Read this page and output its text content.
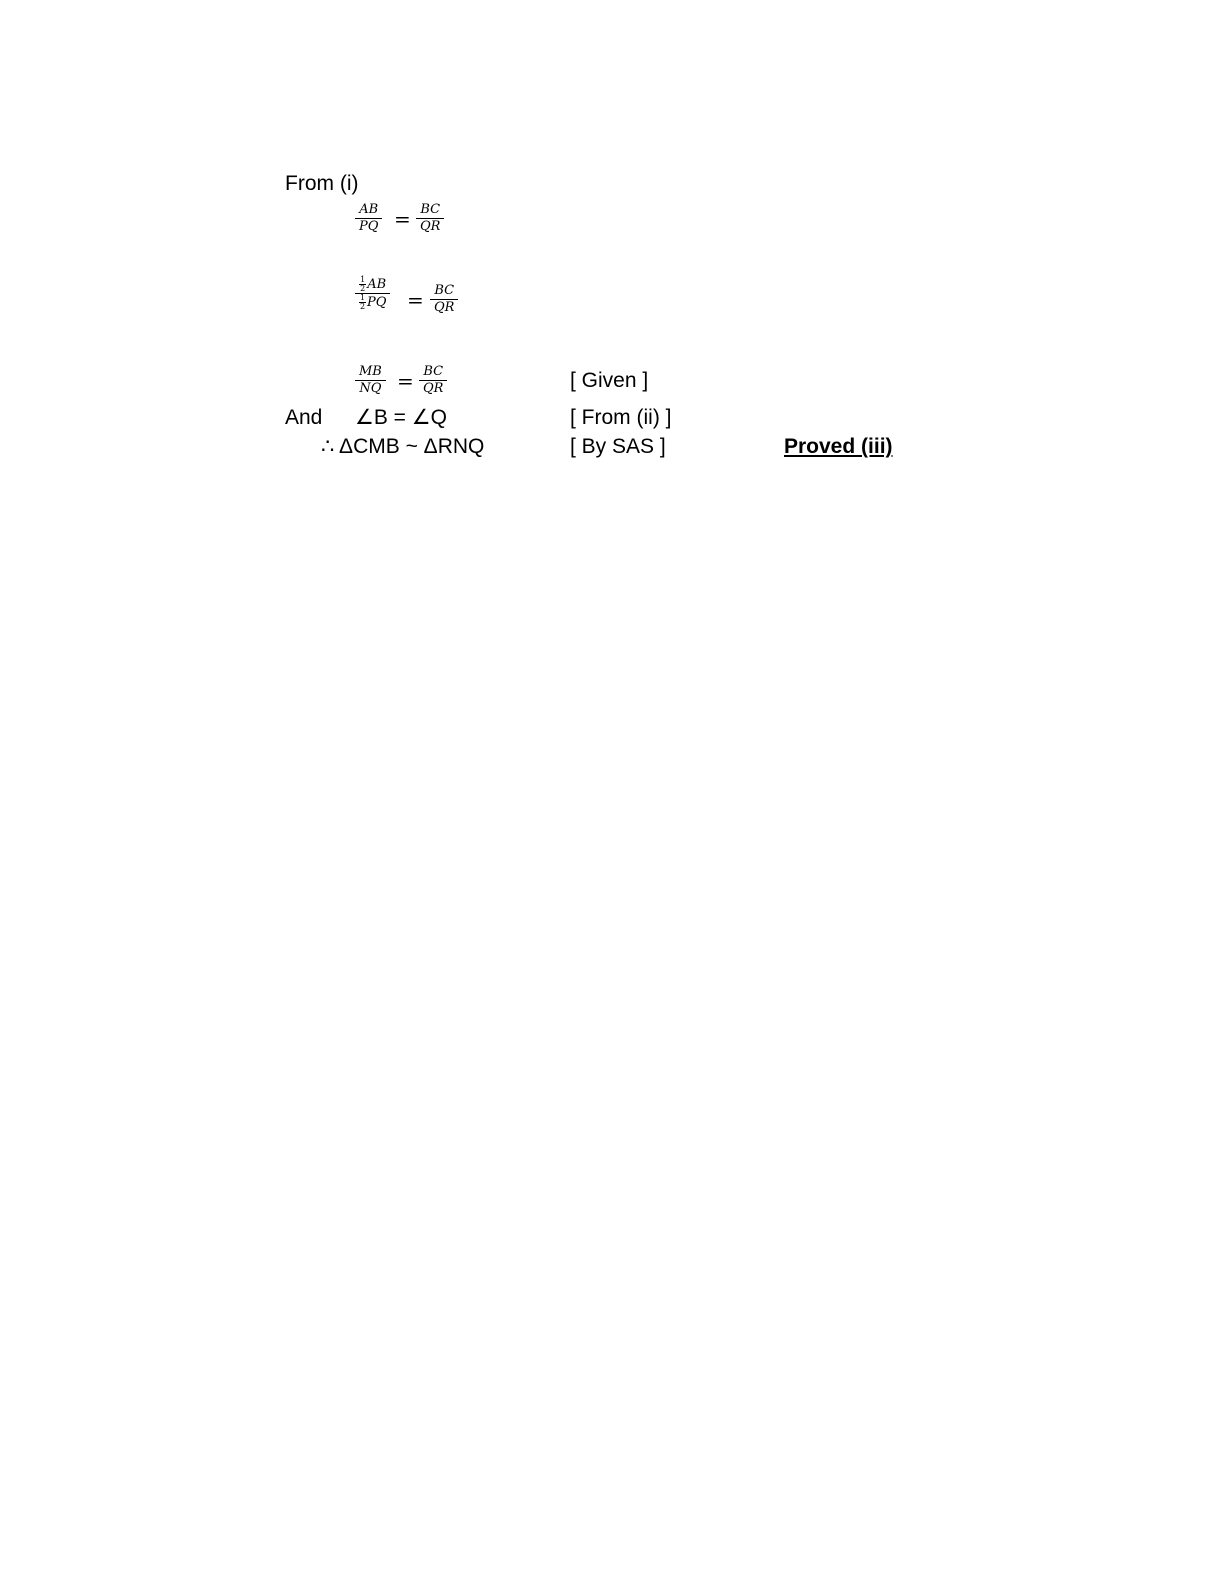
From (i)
AB
PQ = BC
QR
$\frac{1}{2}$ AB
$\frac{1}{2}$ PQ = BC
QR
MB
NQ = BC
QR	[ Given ]
And ∠B = ∠Q	[ From (ii) ]
∴ ΔCMB ~ ΔRNQ	[ By SAS ]	Proved (iii)
